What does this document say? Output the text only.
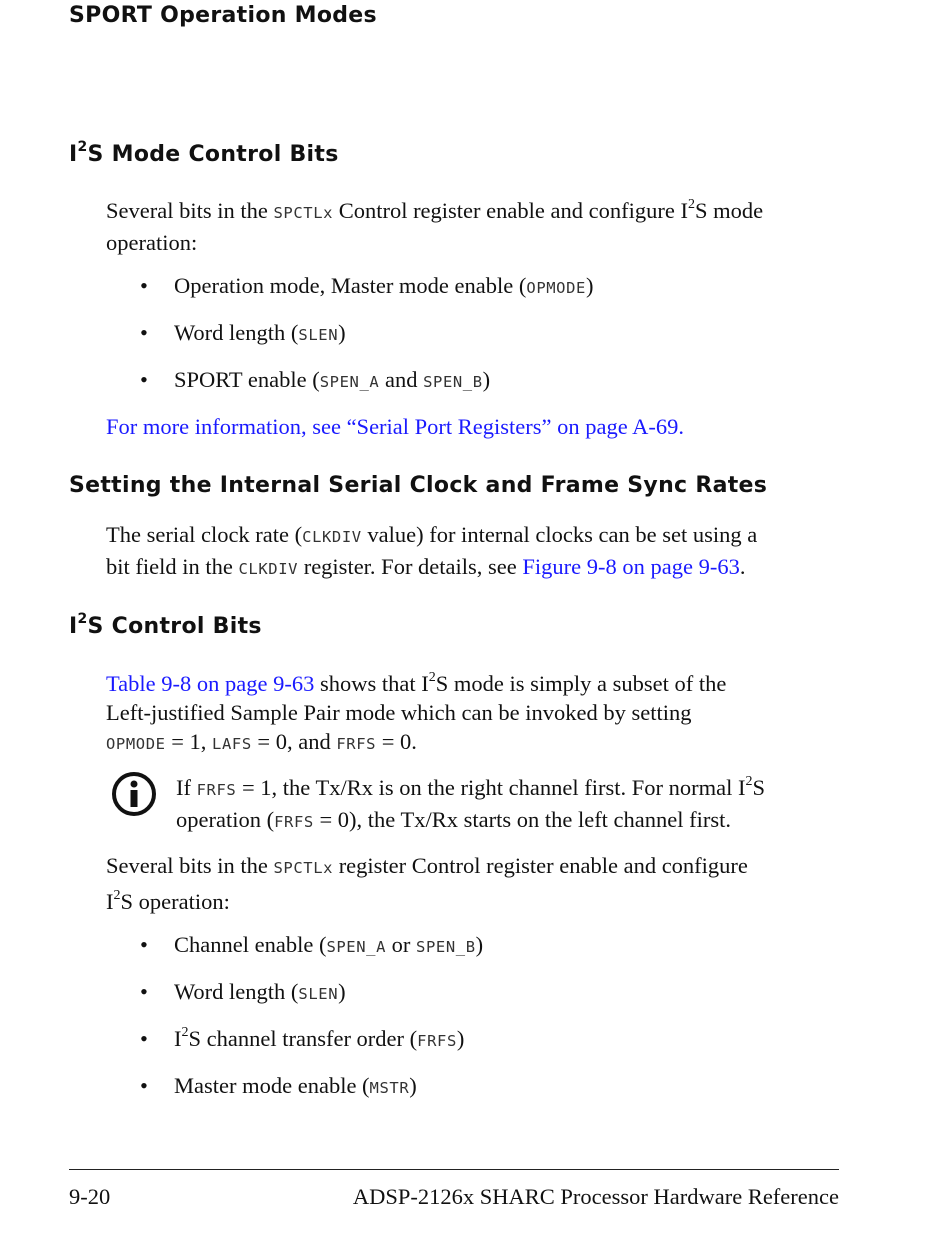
SPORT Operation Modes
$I^2S$ Mode Control Bits
Several bits in the SPCTLx Control register enable and configure $I^2S$ mode
operation:
• Operation mode, Master mode enable (OPMODE)
• Word length (SLEN)
• SPORT enable (SPEN_A and SPEN_B)
For more information, see “Serial Port Registers” on page A-69.
Setting the Internal Serial Clock and Frame Sync Rates
The serial clock rate (CLKDIV value) for internal clocks can be set using a
bit field in the CLKDIV register. For details, see Figure 9-8 on page 9-63.
$I^2S$ Control Bits
Table 9-8 on page 9-63 shows that $I^2S$ mode is simply a subset of the
Left-justified Sample Pair mode which can be invoked by setting
OPMODE = 1, LAFS = 0, and FRFS = 0.
If FRFS = 1, the Tx/Rx is on the right channel first. For normal $I^2S$
operation (FRFS = 0), the Tx/Rx starts on the left channel first.
Several bits in the SPCTLx register Control register enable and configure
$I^2S$ operation:
• Channel enable (SPEN_A or SPEN_B)
• Word length (SLEN)
• $I^2S$ channel transfer order (FRFS)
• Master mode enable (MSTR)
9-20	ADSP-2126x SHARC Processor Hardware Reference
